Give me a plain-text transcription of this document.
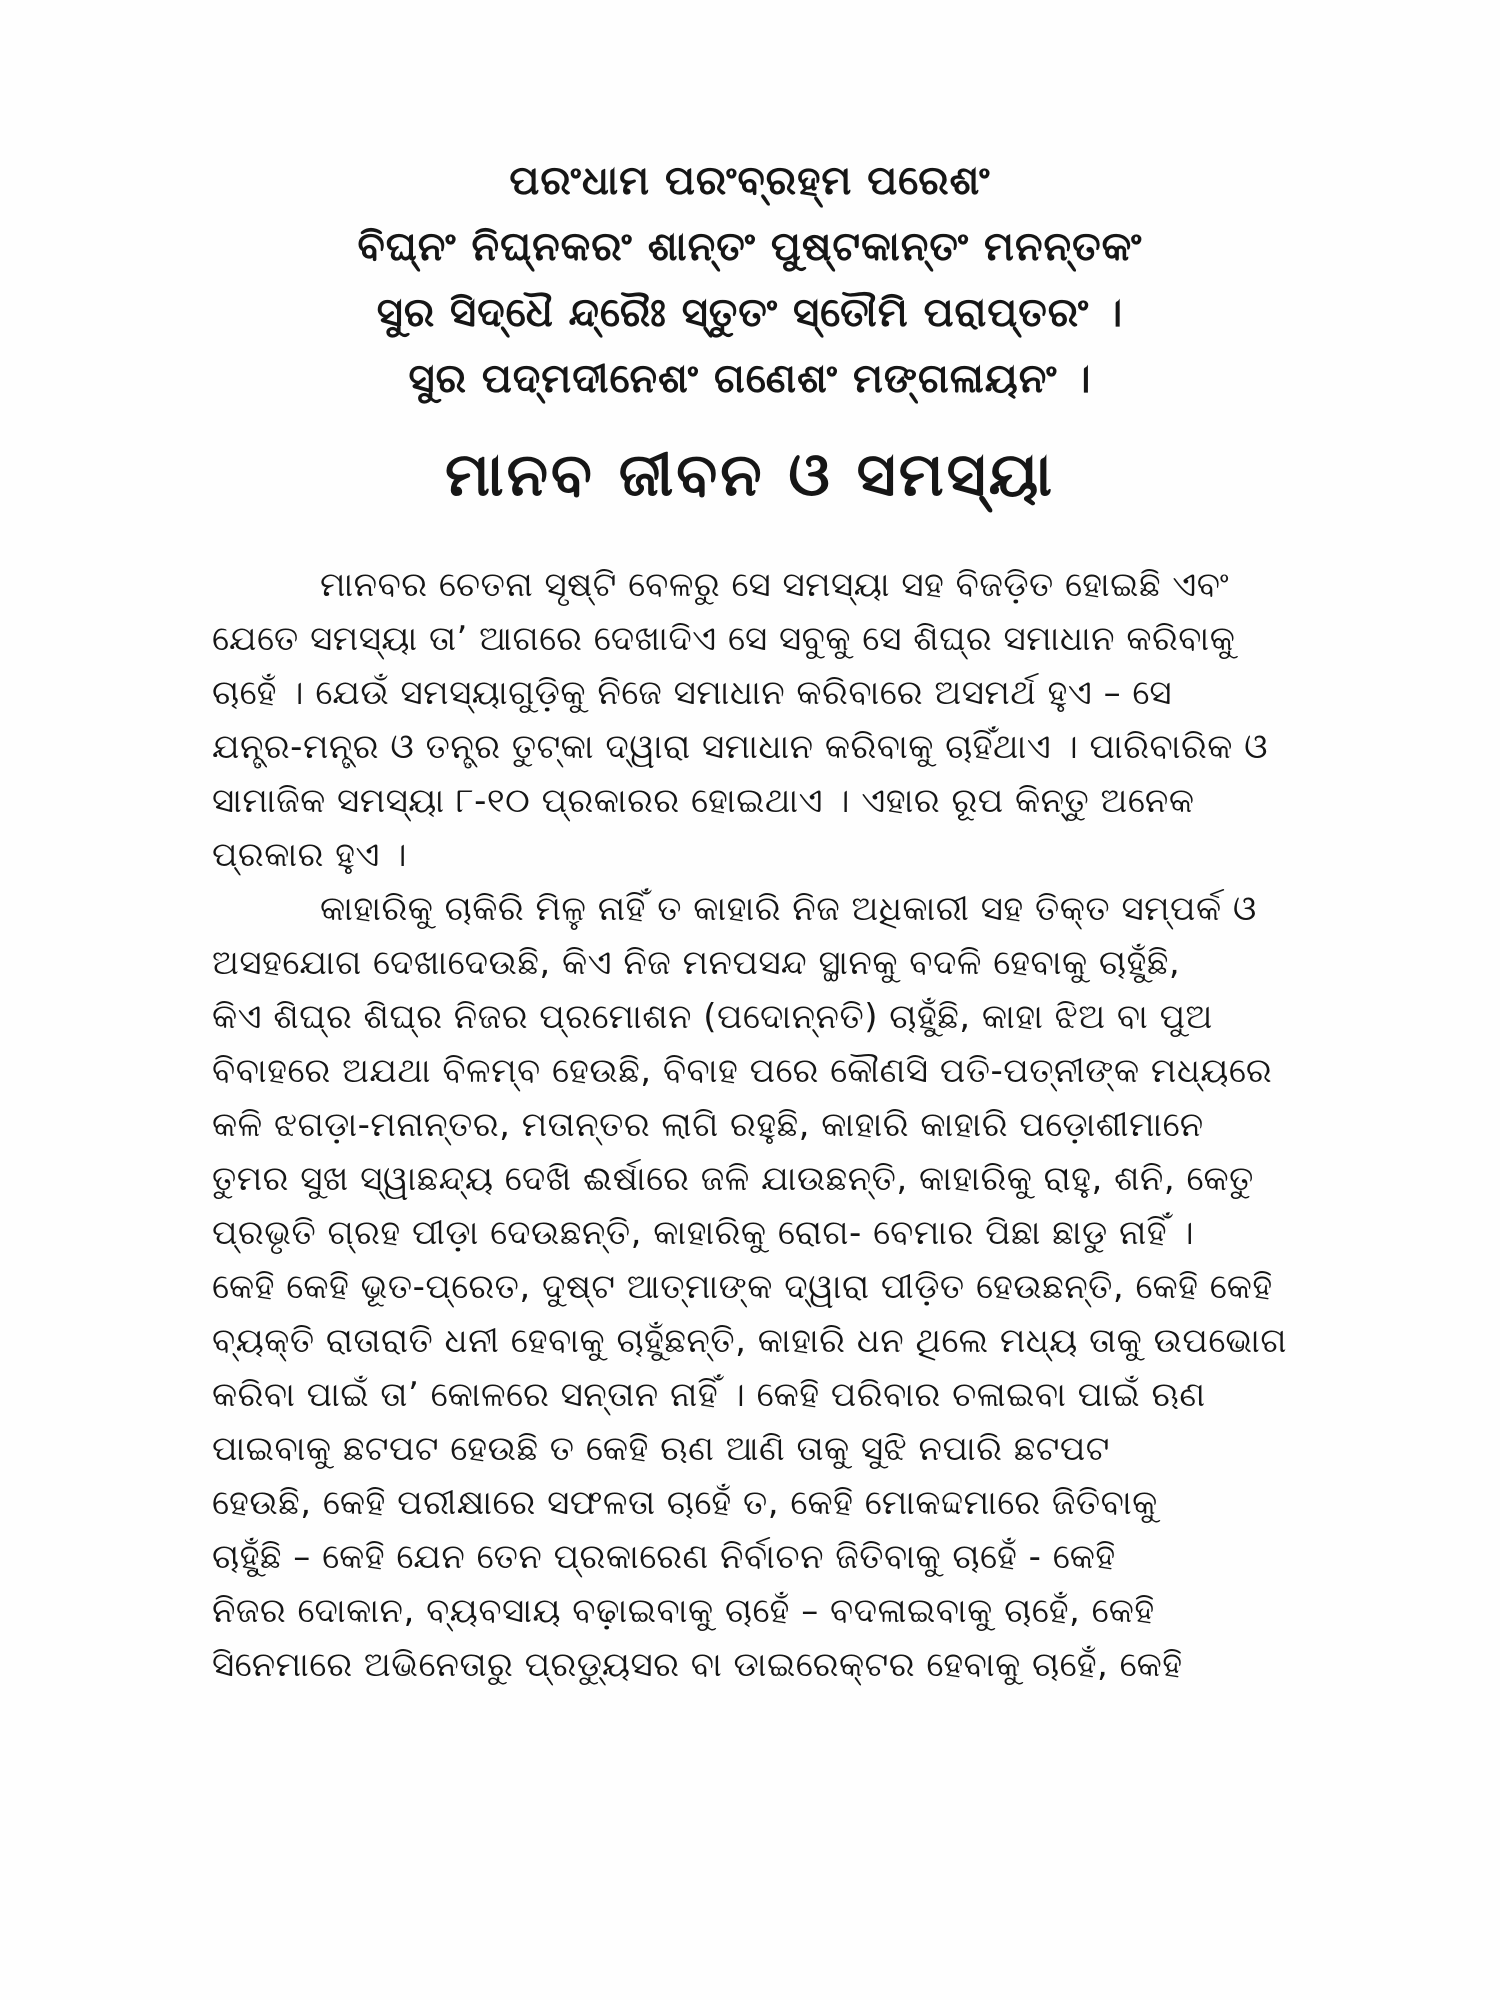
ପରଂଧାମ ପରଂବ୍ରହ୍ମ ପରେଶଂ
ବିଘ୍ନଂ ନିଘ୍ନକରଂ ଶାନ୍ତଂ ପୁଷ୍ଟକାନ୍ତଂ ମନନ୍ତକଂ
ସୁର ସିଦ୍ଧୈ ନ୍ଦ୍ରୈଃ ସ୍ତୁତଂ ସ୍ତୌମି ପରାପ୍ତରଂ ।
ସୁର ପଦ୍ମଦୀନେଶଂ ଗଣେଶଂ ମଙ୍ଗଳାୟନଂ ।
ମାନବ ଜୀବନ ଓ ସମସ୍ୟା
ମାନବର ଚେତନା ସୃଷ୍ଟି ବେଳରୁ ସେ ସମସ୍ୟା ସହ ବିଜଡ଼ିତ ହୋଇଛି ଏବଂ
ଯେତେ ସମସ୍ୟା ତା’ ଆଗରେ ଦେଖାଦିଏ ସେ ସବୁକୁ ସେ ଶିଘ୍ର ସମାଧାନ କରିବାକୁ
ଚାହେଁ । ଯେଉଁ ସମସ୍ୟାଗୁଡ଼ିକୁ ନିଜେ ସମାଧାନ କରିବାରେ ଅସମର୍ଥ ହୁଏ – ସେ
ଯନ୍ତ୍ର-ମନ୍ତ୍ର ଓ ତନ୍ତ୍ର ତୁଟ୍‌କା ଦ୍ୱାରା ସମାଧାନ କରିବାକୁ ଚାହିଁଥାଏ । ପାରିବାରିକ ଓ
ସାମାଜିକ ସମସ୍ୟା ୮-୧୦ ପ୍ରକାରର ହୋଇଥାଏ । ଏହାର ରୂପ କିନ୍ତୁ ଅନେକ
ପ୍ରକାର ହୁଏ ।
କାହାରିକୁ ଚାକିରି ମିଳୁ ନାହିଁ ତ କାହାରି ନିଜ ଅଧିକାରୀ ସହ ତିକ୍ତ ସମ୍ପର୍କ ଓ
ଅସହଯୋଗ ଦେଖାଦେଉଛି, କିଏ ନିଜ ମନପସନ୍ଦ ସ୍ଥାନକୁ ବଦଳି ହେବାକୁ ଚାହୁଁଛି,
କିଏ ଶିଘ୍ର ଶିଘ୍ର ନିଜର ପ୍ରମୋଶନ (ପଦୋନ୍ନତି) ଚାହୁଁଛି, କାହା ଝିଅ ବା ପୁଅ
ବିବାହରେ ଅଯଥା ବିଳମ୍ବ ହେଉଛି, ବିବାହ ପରେ କୌଣସି ପତି-ପତ୍ନୀଙ୍କ ମଧ୍ୟରେ
କଳି ଝଗଡ଼ା-ମନାନ୍ତର, ମତାନ୍ତର ଲାଗି ରହୁଛି, କାହାରି କାହାରି ପଡ଼ୋଶୀମାନେ
ତୁମର ସୁଖ ସ୍ୱାଛନ୍ଦ୍ୟ ଦେଖି ଈର୍ଷାରେ ଜଳି ଯାଉଛନ୍ତି, କାହାରିକୁ ରାହୁ, ଶନି, କେତୁ
ପ୍ରଭୃତି ଗ୍ରହ ପୀଡ଼ା ଦେଉଛନ୍ତି, କାହାରିକୁ ରୋଗ- ବେମାର ପିଛା ଛାଡୁ ନାହିଁ ।
କେହି କେହି ଭୂତ-ପ୍ରେତ, ଦୁଷ୍ଟ ଆତ୍ମାଙ୍କ ଦ୍ୱାରା ପୀଡ଼ିତ ହେଉଛନ୍ତି, କେହି କେହି
ବ୍ୟକ୍ତି ରାତାରାତି ଧନୀ ହେବାକୁ ଚାହୁଁଛନ୍ତି, କାହାରି ଧନ ଥିଲେ ମଧ୍ୟ ତାକୁ ଉପଭୋଗ
କରିବା ପାଇଁ ତା’ କୋଳରେ ସନ୍ତାନ ନାହିଁ । କେହି ପରିବାର ଚଳାଇବା ପାଇଁ ଋଣ
ପାଇବାକୁ ଛଟପଟ ହେଉଛି ତ କେହି ଋଣ ଆଣି ତାକୁ ସୁଝି ନପାରି ଛଟପଟ
ହେଉଛି, କେହି ପରୀକ୍ଷାରେ ସଫଳତା ଚାହେଁ ତ, କେହି ମୋକଦ୍ଦମାରେ ଜିତିବାକୁ
ଚାହୁଁଛି – କେହି ଯେନ ତେନ ପ୍ରକାରେଣ ନିର୍ବାଚନ ଜିତିବାକୁ ଚାହେଁ - କେହି
ନିଜର ଦୋକାନ, ବ୍ୟବସାୟ ବଢ଼ାଇବାକୁ ଚାହେଁ – ବଦଳାଇବାକୁ ଚାହେଁ, କେହି
ସିନେମାରେ ଅଭିନେତାରୁ ପ୍ରଡ୍ୟୁସର ବା ଡାଇରେକ୍ଟର ହେବାକୁ ଚାହେଁ, କେହି
